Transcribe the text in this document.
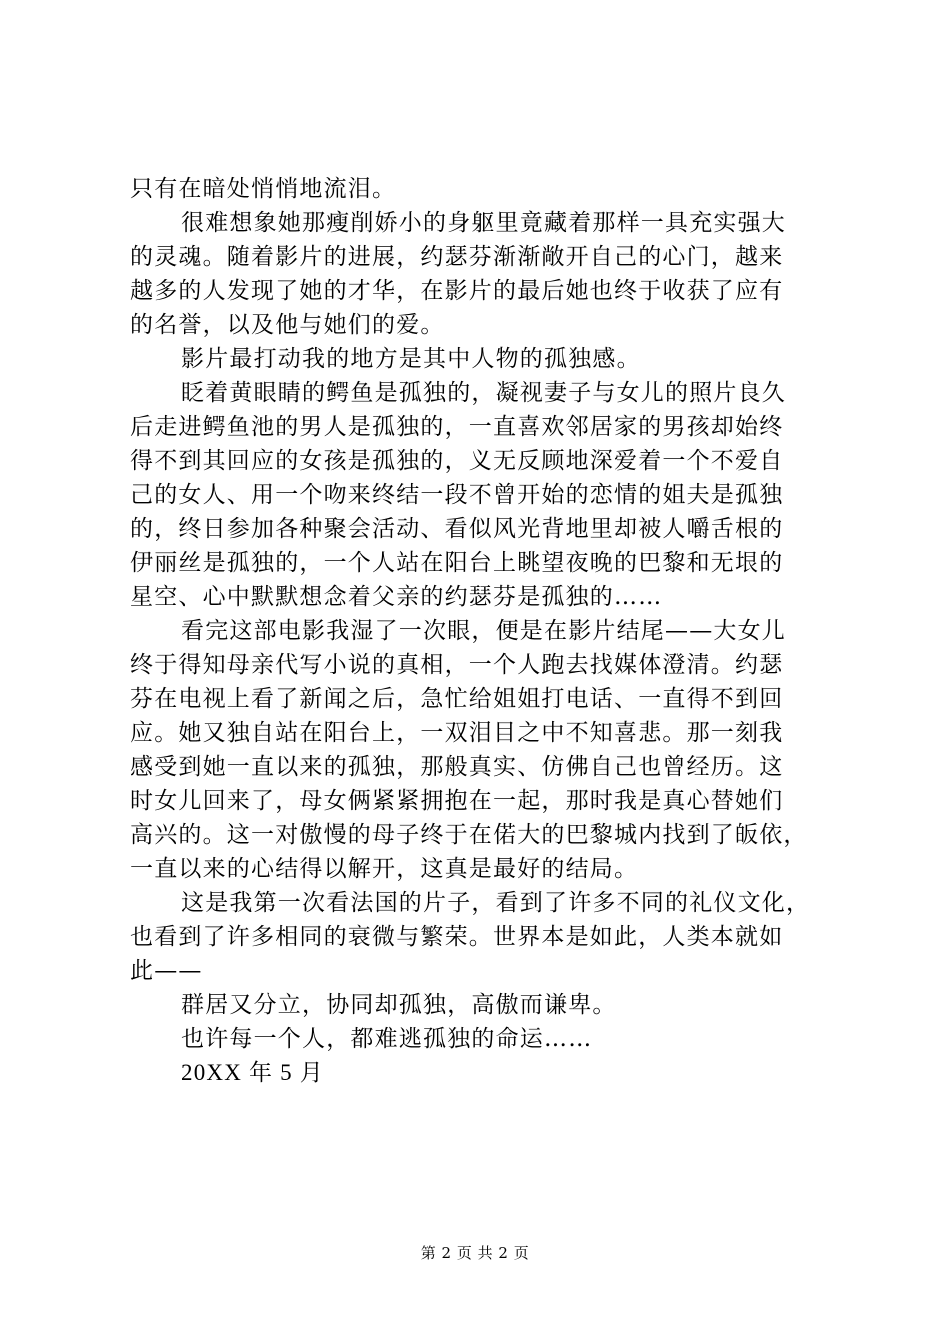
只有在暗处悄悄地流泪。
很难想象她那瘦削娇小的身躯里竟藏着那样一具充实强大
的灵魂。随着影片的进展，约瑟芬渐渐敞开自己的心门，越来
越多的人发现了她的才华，在影片的最后她也终于收获了应有
的名誉，以及他与她们的爱。
影片最打动我的地方是其中人物的孤独感。
眨着黄眼睛的鳄鱼是孤独的，凝视妻子与女儿的照片良久
后走进鳄鱼池的男人是孤独的，一直喜欢邻居家的男孩却始终
得不到其回应的女孩是孤独的，义无反顾地深爱着一个不爱自
己的女人、用一个吻来终结一段不曾开始的恋情的姐夫是孤独
的，终日参加各种聚会活动、看似风光背地里却被人嚼舌根的
伊丽丝是孤独的，一个人站在阳台上眺望夜晚的巴黎和无垠的
星空、心中默默想念着父亲的约瑟芬是孤独的……
看完这部电影我湿了一次眼，便是在影片结尾——大女儿
终于得知母亲代写小说的真相，一个人跑去找媒体澄清。约瑟
芬在电视上看了新闻之后，急忙给姐姐打电话、一直得不到回
应。她又独自站在阳台上，一双泪目之中不知喜悲。那一刻我
感受到她一直以来的孤独，那般真实、仿佛自己也曾经历。这
时女儿回来了，母女俩紧紧拥抱在一起，那时我是真心替她们
高兴的。这一对傲慢的母子终于在偌大的巴黎城内找到了皈依，
一直以来的心结得以解开，这真是最好的结局。
这是我第一次看法国的片子，看到了许多不同的礼仪文化，
也看到了许多相同的衰微与繁荣。世界本是如此，人类本就如
此——
群居又分立，协同却孤独，高傲而谦卑。
也许每一个人，都难逃孤独的命运……
20XX 年 5 月
第 2 页 共 2 页
